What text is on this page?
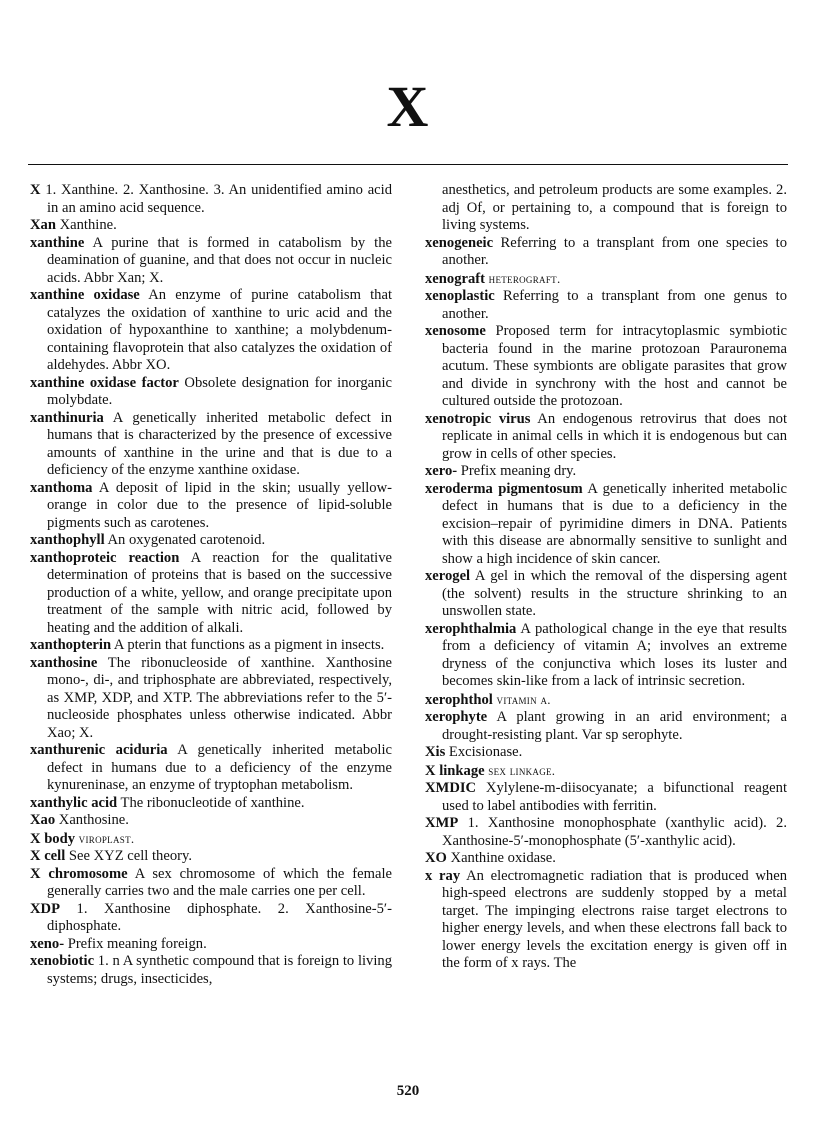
X

X 1. Xanthine. 2. Xanthosine. 3. An unidentified amino acid in an amino acid sequence.

Xan Xanthine.

xanthine A purine that is formed in catabolism by the deamination of guanine, and that does not occur in nucleic acids. Abbr Xan; X.

xanthine oxidase An enzyme of purine catabolism that catalyzes the oxidation of xanthine to uric acid and the oxidation of hypoxanthine to xanthine; a molybdenum-containing flavoprotein that also catalyzes the oxidation of aldehydes. Abbr XO.

xanthine oxidase factor Obsolete designation for inorganic molybdate.

xanthinuria A genetically inherited metabolic defect in humans that is characterized by the presence of excessive amounts of xanthine in the urine and that is due to a deficiency of the enzyme xanthine oxidase.

xanthoma A deposit of lipid in the skin; usually yellow-orange in color due to the presence of lipid-soluble pigments such as carotenes.

xanthophyll An oxygenated carotenoid.

xanthoproteic reaction A reaction for the qualitative determination of proteins that is based on the successive production of a white, yellow, and orange precipitate upon treatment of the sample with nitric acid, followed by heating and the addition of alkali.

xanthopterin A pterin that functions as a pigment in insects.

xanthosine The ribonucleoside of xanthine. Xanthosine mono-, di-, and triphosphate are abbreviated, respectively, as XMP, XDP, and XTP. The abbreviations refer to the 5′-nucleoside phosphates unless otherwise indicated. Abbr Xao; X.

xanthurenic aciduria A genetically inherited metabolic defect in humans due to a deficiency of the enzyme kynureninase, an enzyme of tryptophan metabolism.

xanthylic acid The ribonucleotide of xanthine.

Xao Xanthosine.

X body viroplast.

X cell See XYZ cell theory.

X chromosome A sex chromosome of which the female generally carries two and the male carries one per cell.

XDP 1. Xanthosine diphosphate. 2. Xanthosine-5′-diphosphate.

xeno- Prefix meaning foreign.

xenobiotic 1. n A synthetic compound that is foreign to living systems; drugs, insecticides,

anesthetics, and petroleum products are some examples. 2. adj Of, or pertaining to, a compound that is foreign to living systems.

xenogeneic Referring to a transplant from one species to another.

xenograft heterograft.

xenoplastic Referring to a transplant from one genus to another.

xenosome Proposed term for intracytoplasmic symbiotic bacteria found in the marine protozoan Parauronema acutum. These symbionts are obligate parasites that grow and divide in synchrony with the host and cannot be cultured outside the protozoan.

xenotropic virus An endogenous retrovirus that does not replicate in animal cells in which it is endogenous but can grow in cells of other species.

xero- Prefix meaning dry.

xeroderma pigmentosum A genetically inherited metabolic defect in humans that is due to a deficiency in the excision–repair of pyrimidine dimers in DNA. Patients with this disease are abnormally sensitive to sunlight and show a high incidence of skin cancer.

xerogel A gel in which the removal of the dispersing agent (the solvent) results in the structure shrinking to an unswollen state.

xerophthalmia A pathological change in the eye that results from a deficiency of vitamin A; involves an extreme dryness of the conjunctiva which loses its luster and becomes skin-like from a lack of intrinsic secretion.

xerophthol vitamin a.

xerophyte A plant growing in an arid environment; a drought-resisting plant. Var sp serophyte.

Xis Excisionase.

X linkage sex linkage.

XMDIC Xylylene-m-diisocyanate; a bifunctional reagent used to label antibodies with ferritin.

XMP 1. Xanthosine monophosphate (xanthylic acid). 2. Xanthosine-5′-monophosphate (5′-xanthylic acid).

XO Xanthine oxidase.

x ray An electromagnetic radiation that is produced when high-speed electrons are suddenly stopped by a metal target. The impinging electrons raise target electrons to higher energy levels, and when these electrons fall back to lower energy levels the excitation energy is given off in the form of x rays. The

520
